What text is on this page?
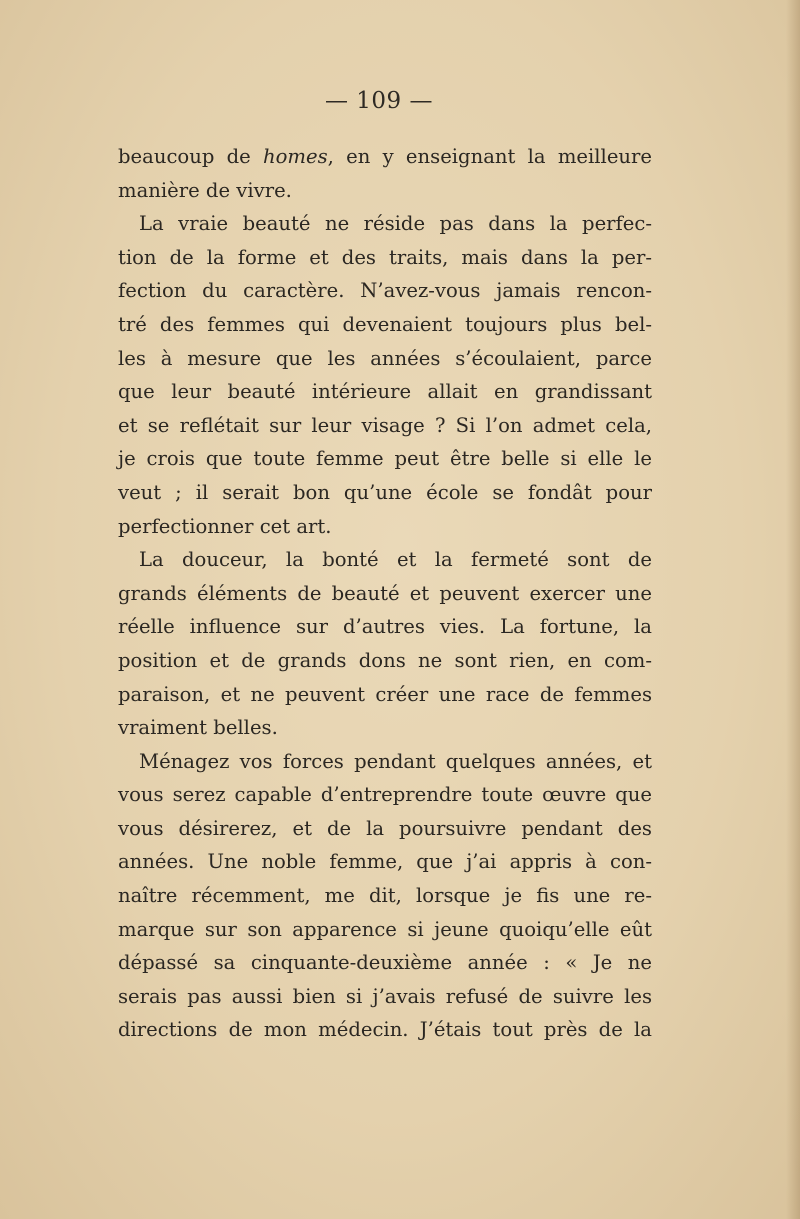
— 109 —
beaucoup de homes, en y enseignant la meilleure
manière de vivre.
La vraie beauté ne réside pas dans la perfec-
tion de la forme et des traits, mais dans la per-
fection du caractère. N’avez-vous jamais rencon-
tré des femmes qui devenaient toujours plus bel-
les à mesure que les années s’écoulaient, parce
que leur beauté intérieure allait en grandissant
et se reflétait sur leur visage ? Si l’on admet cela,
je crois que toute femme peut être belle si elle le
veut ; il serait bon qu’une école se fondât pour
perfectionner cet art.
La douceur, la bonté et la fermeté sont de
grands éléments de beauté et peuvent exercer une
réelle influence sur d’autres vies. La fortune, la
position et de grands dons ne sont rien, en com-
paraison, et ne peuvent créer une race de femmes
vraiment belles.
Ménagez vos forces pendant quelques années, et
vous serez capable d’entreprendre toute œuvre que
vous désirerez, et de la poursuivre pendant des
années. Une noble femme, que j’ai appris à con-
naître récemment, me dit, lorsque je fis une re-
marque sur son apparence si jeune quoiqu’elle eût
dépassé sa cinquante-deuxième année : « Je ne
serais pas aussi bien si j’avais refusé de suivre les
directions de mon médecin. J’étais tout près de la
